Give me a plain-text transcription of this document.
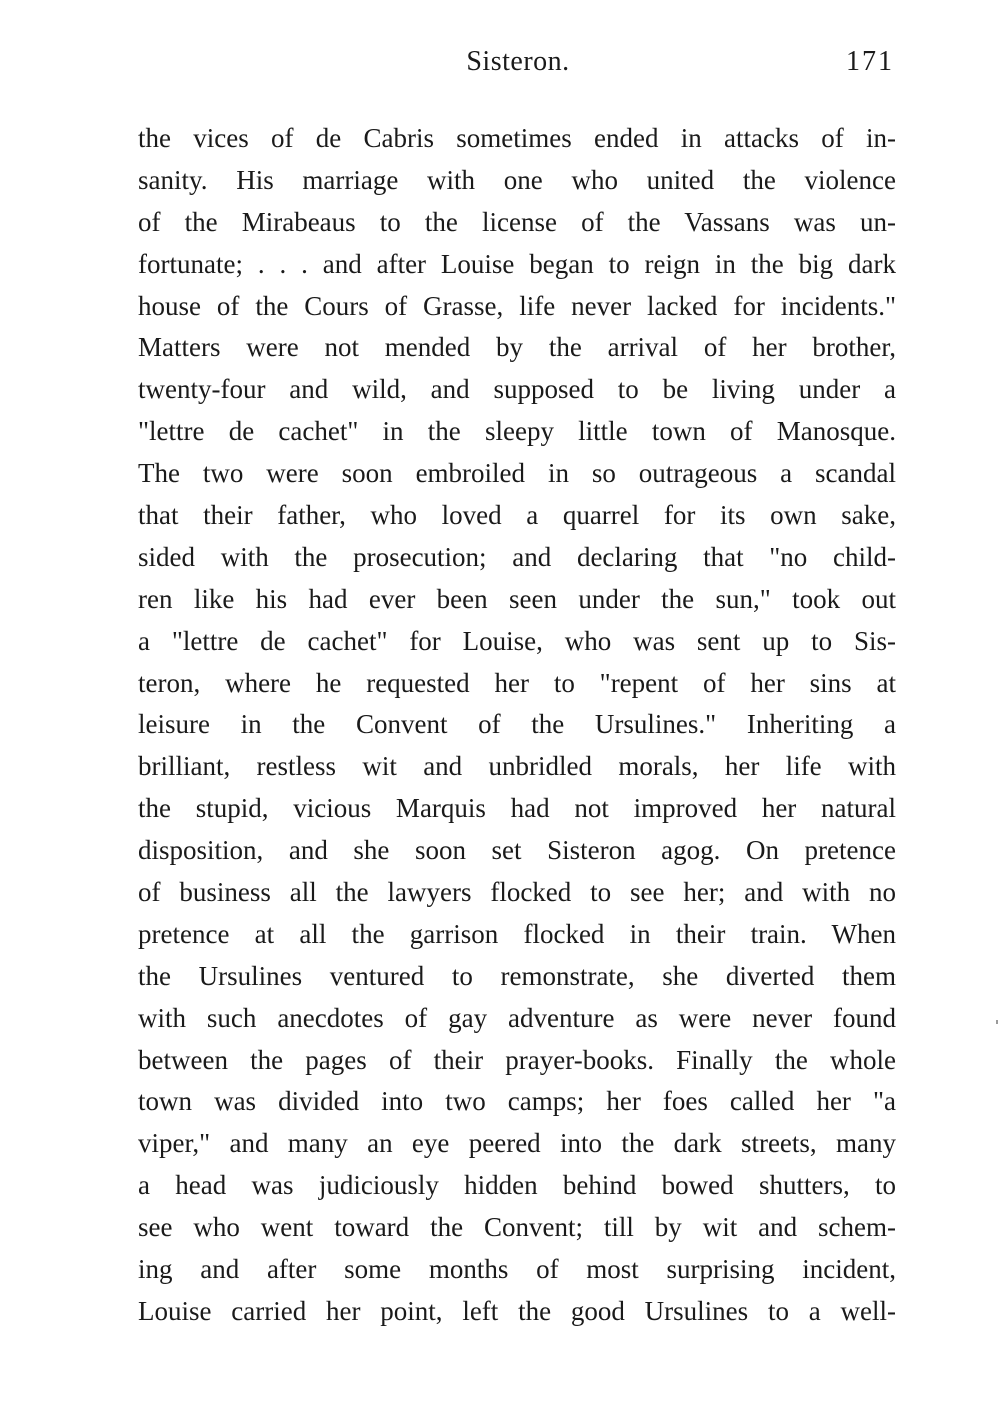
Sisteron.	171
the vices of de Cabris sometimes ended in attacks of in-
sanity. His marriage with one who united the violence
of the Mirabeaus to the license of the Vassans was un-
fortunate; . . . and after Louise began to reign in the big dark
house of the Cours of Grasse, life never lacked for incidents."
Matters were not mended by the arrival of her brother,
twenty-four and wild, and supposed to be living under a
"lettre de cachet" in the sleepy little town of Manosque.
The two were soon embroiled in so outrageous a scandal
that their father, who loved a quarrel for its own sake,
sided with the prosecution; and declaring that "no child-
ren like his had ever been seen under the sun," took out
a "lettre de cachet" for Louise, who was sent up to Sis-
teron, where he requested her to "repent of her sins at
leisure in the Convent of the Ursulines." Inheriting a
brilliant, restless wit and unbridled morals, her life with
the stupid, vicious Marquis had not improved her natural
disposition, and she soon set Sisteron agog. On pretence
of business all the lawyers flocked to see her; and with no
pretence at all the garrison flocked in their train. When
the Ursulines ventured to remonstrate, she diverted them
with such anecdotes of gay adventure as were never found
between the pages of their prayer-books. Finally the whole
town was divided into two camps; her foes called her "a
viper," and many an eye peered into the dark streets, many
a head was judiciously hidden behind bowed shutters, to
see who went toward the Convent; till by wit and schem-
ing and after some months of most surprising incident,
Louise carried her point, left the good Ursulines to a well-
